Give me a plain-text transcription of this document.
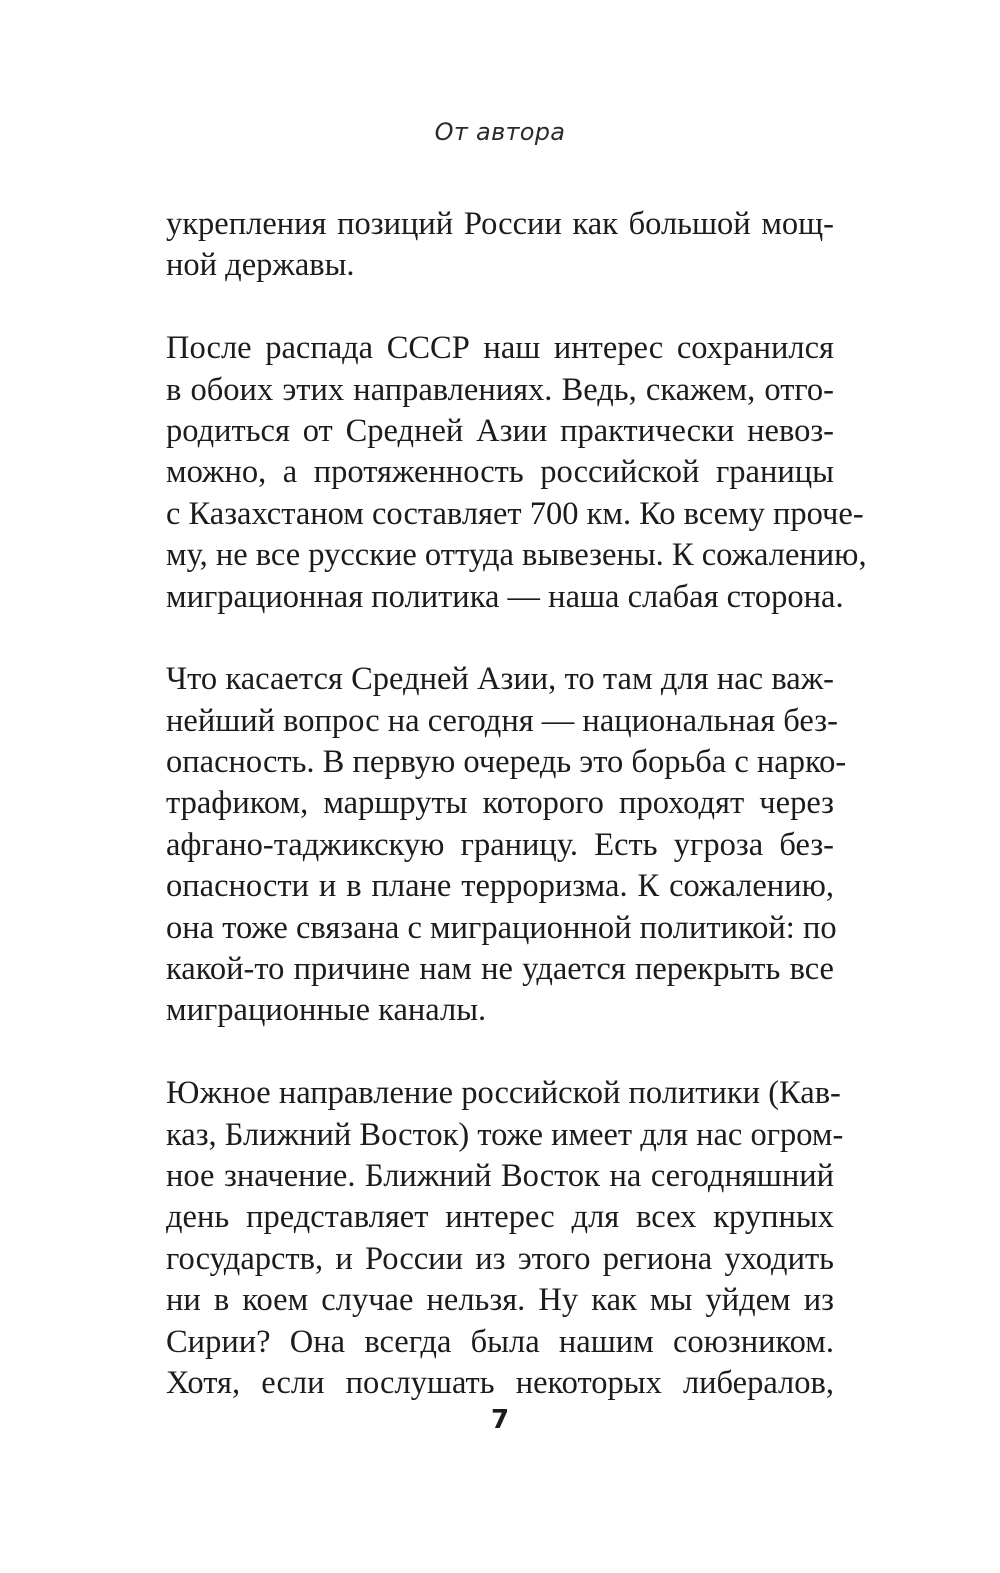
От автора
укрепления позиций России как большой мощ-
ной державы.
После распада СССР наш интерес сохранился
в обоих этих направлениях. Ведь, скажем, отго-
родиться от Средней Азии практически невоз-
можно, а протяженность российской границы
с Казахстаном составляет 700 км. Ко всему проче-
му, не все русские оттуда вывезены. К сожалению,
миграционная политика — наша слабая сторона.
Что касается Средней Азии, то там для нас важ-
нейший вопрос на сегодня — национальная без-
опасность. В первую очередь это борьба с нарко-
трафиком, маршруты которого проходят через
афгано-таджикскую границу. Есть угроза без-
опасности и в плане терроризма. К сожалению,
она тоже связана с миграционной политикой: по
какой-то причине нам не удается перекрыть все
миграционные каналы.
Южное направление российской политики (Кав-
каз, Ближний Восток) тоже имеет для нас огром-
ное значение. Ближний Восток на сегодняшний
день представляет интерес для всех крупных
государств, и России из этого региона уходить
ни в коем случае нельзя. Ну как мы уйдем из
Сирии? Она всегда была нашим союзником.
Хотя, если послушать некоторых либералов,
7
